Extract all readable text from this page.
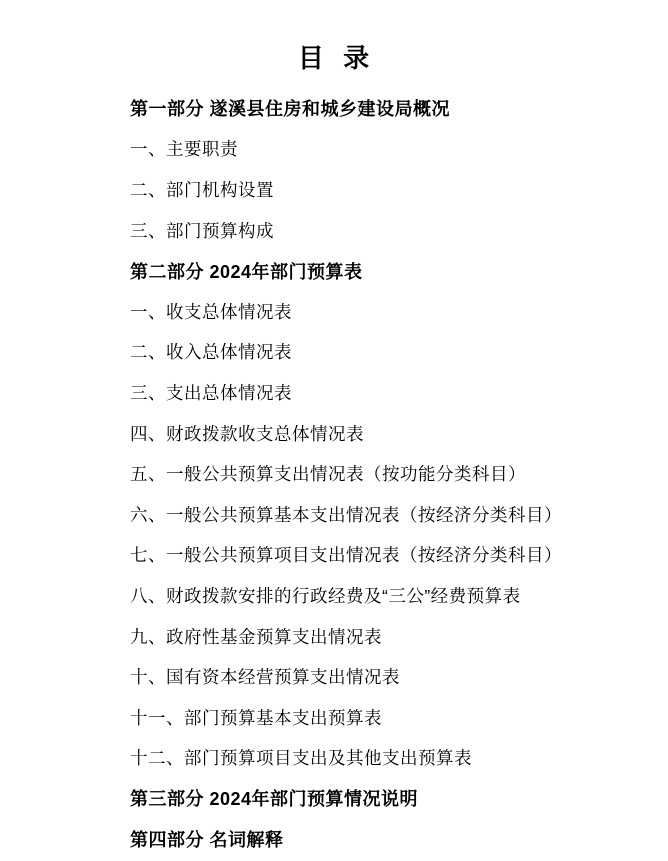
目 录
第一部分 遂溪县住房和城乡建设局概况
一、主要职责
二、部门机构设置
三、部门预算构成
第二部分 2024年部门预算表
一、收支总体情况表
二、收入总体情况表
三、支出总体情况表
四、财政拨款收支总体情况表
五、一般公共预算支出情况表（按功能分类科目）
六、一般公共预算基本支出情况表（按经济分类科目）
七、一般公共预算项目支出情况表（按经济分类科目）
八、财政拨款安排的行政经费及“三公”经费预算表
九、政府性基金预算支出情况表
十、国有资本经营预算支出情况表
十一、部门预算基本支出预算表
十二、部门预算项目支出及其他支出预算表
第三部分 2024年部门预算情况说明
第四部分 名词解释
